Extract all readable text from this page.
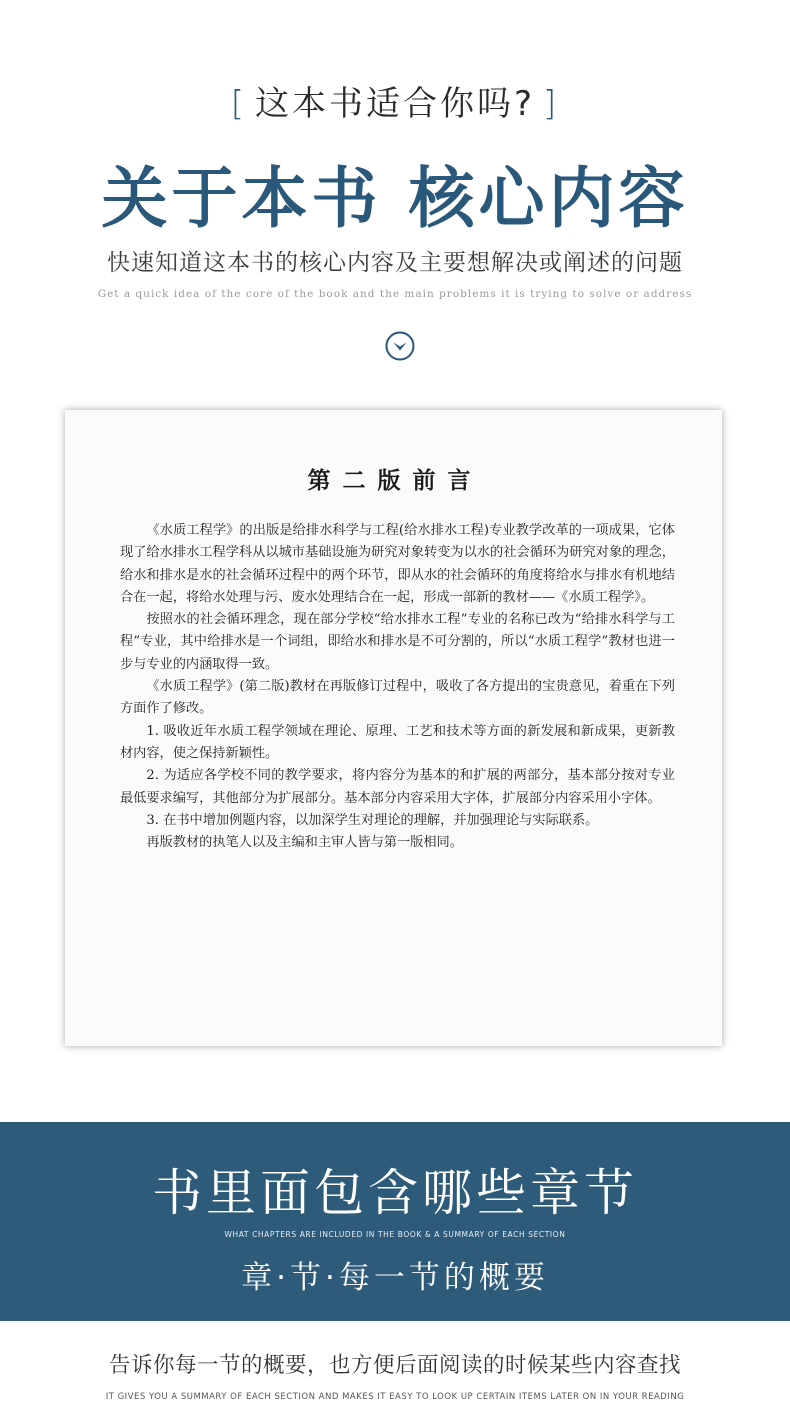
[ 这本书适合你吗? ]
关于本书 核心内容
快速知道这本书的核心内容及主要想解决或阐述的问题
Get a quick idea of the core of the book and the main problems it is trying to solve or address
第二版前言

《水质工程学》的出版是给排水科学与工程(给水排水工程)专业教学改革的一项成果，它体现了给水排水工程学科从以城市基础设施为研究对象转变为以水的社会循环为研究对象的理念，给水和排水是水的社会循环过程中的两个环节，即从水的社会循环的角度将给水与排水有机地结合在一起，将给水处理与污、废水处理结合在一起，形成一部新的教材——《水质工程学》。

按照水的社会循环理念，现在部分学校“给水排水工程”专业的名称已改为“给排水科学与工程”专业，其中给排水是一个词组，即给水和排水是不可分割的，所以“水质工程学”教材也进一步与专业的内涵取得一致。

《水质工程学》(第二版)教材在再版修订过程中，吸收了各方提出的宝贵意见，着重在下列方面作了修改。

1. 吸收近年水质工程学领域在理论、原理、工艺和技术等方面的新发展和新成果，更新教材内容，使之保持新颖性。

2. 为适应各学校不同的教学要求，将内容分为基本的和扩展的两部分，基本部分按对专业最低要求编写，其他部分为扩展部分。基本部分内容采用大字体，扩展部分内容采用小字体。

3. 在书中增加例题内容，以加深学生对理论的理解，并加强理论与实际联系。

再版教材的执笔人以及主编和主审人皆与第一版相同。

书里面包含哪些章节
WHAT CHAPTERS ARE INCLUDED IN THE BOOK & A SUMMARY OF EACH SECTION
章·节·每一节的概要
告诉你每一节的概要，也方便后面阅读的时候某些内容查找
IT GIVES YOU A SUMMARY OF EACH SECTION AND MAKES IT EASY TO LOOK UP CERTAIN ITEMS LATER ON IN YOUR READING
